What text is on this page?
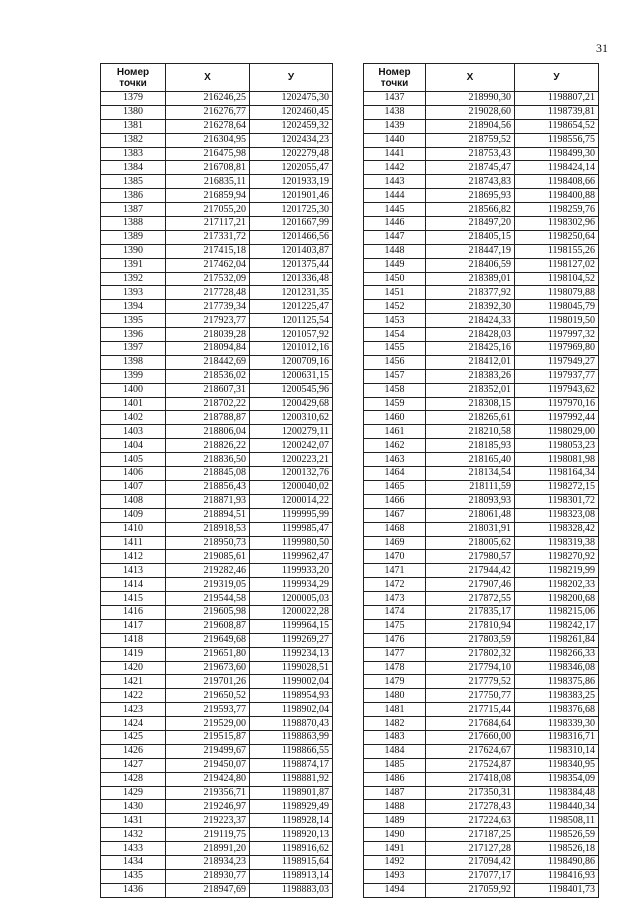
31
Номер
точки	X	У
1379	216246,25	1202475,30
1380	216276,77	1202460,45
1381	216278,64	1202459,32
1382	216304,95	1202434,23
1383	216475,98	1202279,48
1384	216708,81	1202055,47
1385	216835,11	1201933,19
1386	216859,94	1201901,46
1387	217055,20	1201725,30
1388	217117,21	1201667,99
1389	217331,72	1201466,56
1390	217415,18	1201403,87
1391	217462,04	1201375,44
1392	217532,09	1201336,48
1393	217728,48	1201231,35
1394	217739,34	1201225,47
1395	217923,77	1201125,54
1396	218039,28	1201057,92
1397	218094,84	1201012,16
1398	218442,69	1200709,16
1399	218536,02	1200631,15
1400	218607,31	1200545,96
1401	218702,22	1200429,68
1402	218788,87	1200310,62
1403	218806,04	1200279,11
1404	218826,22	1200242,07
1405	218836,50	1200223,21
1406	218845,08	1200132,76
1407	218856,43	1200040,02
1408	218871,93	1200014,22
1409	218894,51	1199995,99
1410	218918,53	1199985,47
1411	218950,73	1199980,50
1412	219085,61	1199962,47
1413	219282,46	1199933,20
1414	219319,05	1199934,29
1415	219544,58	1200005,03
1416	219605,98	1200022,28
1417	219608,87	1199964,15
1418	219649,68	1199269,27
1419	219651,80	1199234,13
1420	219673,60	1199028,51
1421	219701,26	1199002,04
1422	219650,52	1198954,93
1423	219593,77	1198902,04
1424	219529,00	1198870,43
1425	219515,87	1198863,99
1426	219499,67	1198866,55
1427	219450,07	1198874,17
1428	219424,80	1198881,92
1429	219356,71	1198901,87
1430	219246,97	1198929,49
1431	219223,37	1198928,14
1432	219119,75	1198920,13
1433	218991,20	1198916,62
1434	218934,23	1198915,64
1435	218930,77	1198913,14
1436	218947,69	1198883,03
Номер
точки	X	У
1437	218990,30	1198807,21
1438	219028,60	1198739,81
1439	218904,56	1198654,52
1440	218759,52	1198556,75
1441	218753,43	1198499,30
1442	218745,47	1198424,14
1443	218743,83	1198408,66
1444	218695,93	1198400,88
1445	218566,82	1198259,76
1446	218497,20	1198302,96
1447	218405,15	1198250,64
1448	218447,19	1198155,26
1449	218406,59	1198127,02
1450	218389,01	1198104,52
1451	218377,92	1198079,88
1452	218392,30	1198045,79
1453	218424,33	1198019,50
1454	218428,03	1197997,32
1455	218425,16	1197969,80
1456	218412,01	1197949,27
1457	218383,26	1197937,77
1458	218352,01	1197943,62
1459	218308,15	1197970,16
1460	218265,61	1197992,44
1461	218210,58	1198029,00
1462	218185,93	1198053,23
1463	218165,40	1198081,98
1464	218134,54	1198164,34
1465	218111,59	1198272,15
1466	218093,93	1198301,72
1467	218061,48	1198323,08
1468	218031,91	1198328,42
1469	218005,62	1198319,38
1470	217980,57	1198270,92
1471	217944,42	1198219,99
1472	217907,46	1198202,33
1473	217872,55	1198200,68
1474	217835,17	1198215,06
1475	217810,94	1198242,17
1476	217803,59	1198261,84
1477	217802,32	1198266,33
1478	217794,10	1198346,08
1479	217779,52	1198375,86
1480	217750,77	1198383,25
1481	217715,44	1198376,68
1482	217684,64	1198339,30
1483	217660,00	1198316,71
1484	217624,67	1198310,14
1485	217524,87	1198340,95
1486	217418,08	1198354,09
1487	217350,31	1198384,48
1488	217278,43	1198440,34
1489	217224,63	1198508,11
1490	217187,25	1198526,59
1491	217127,28	1198526,18
1492	217094,42	1198490,86
1493	217077,17	1198416,93
1494	217059,92	1198401,73
